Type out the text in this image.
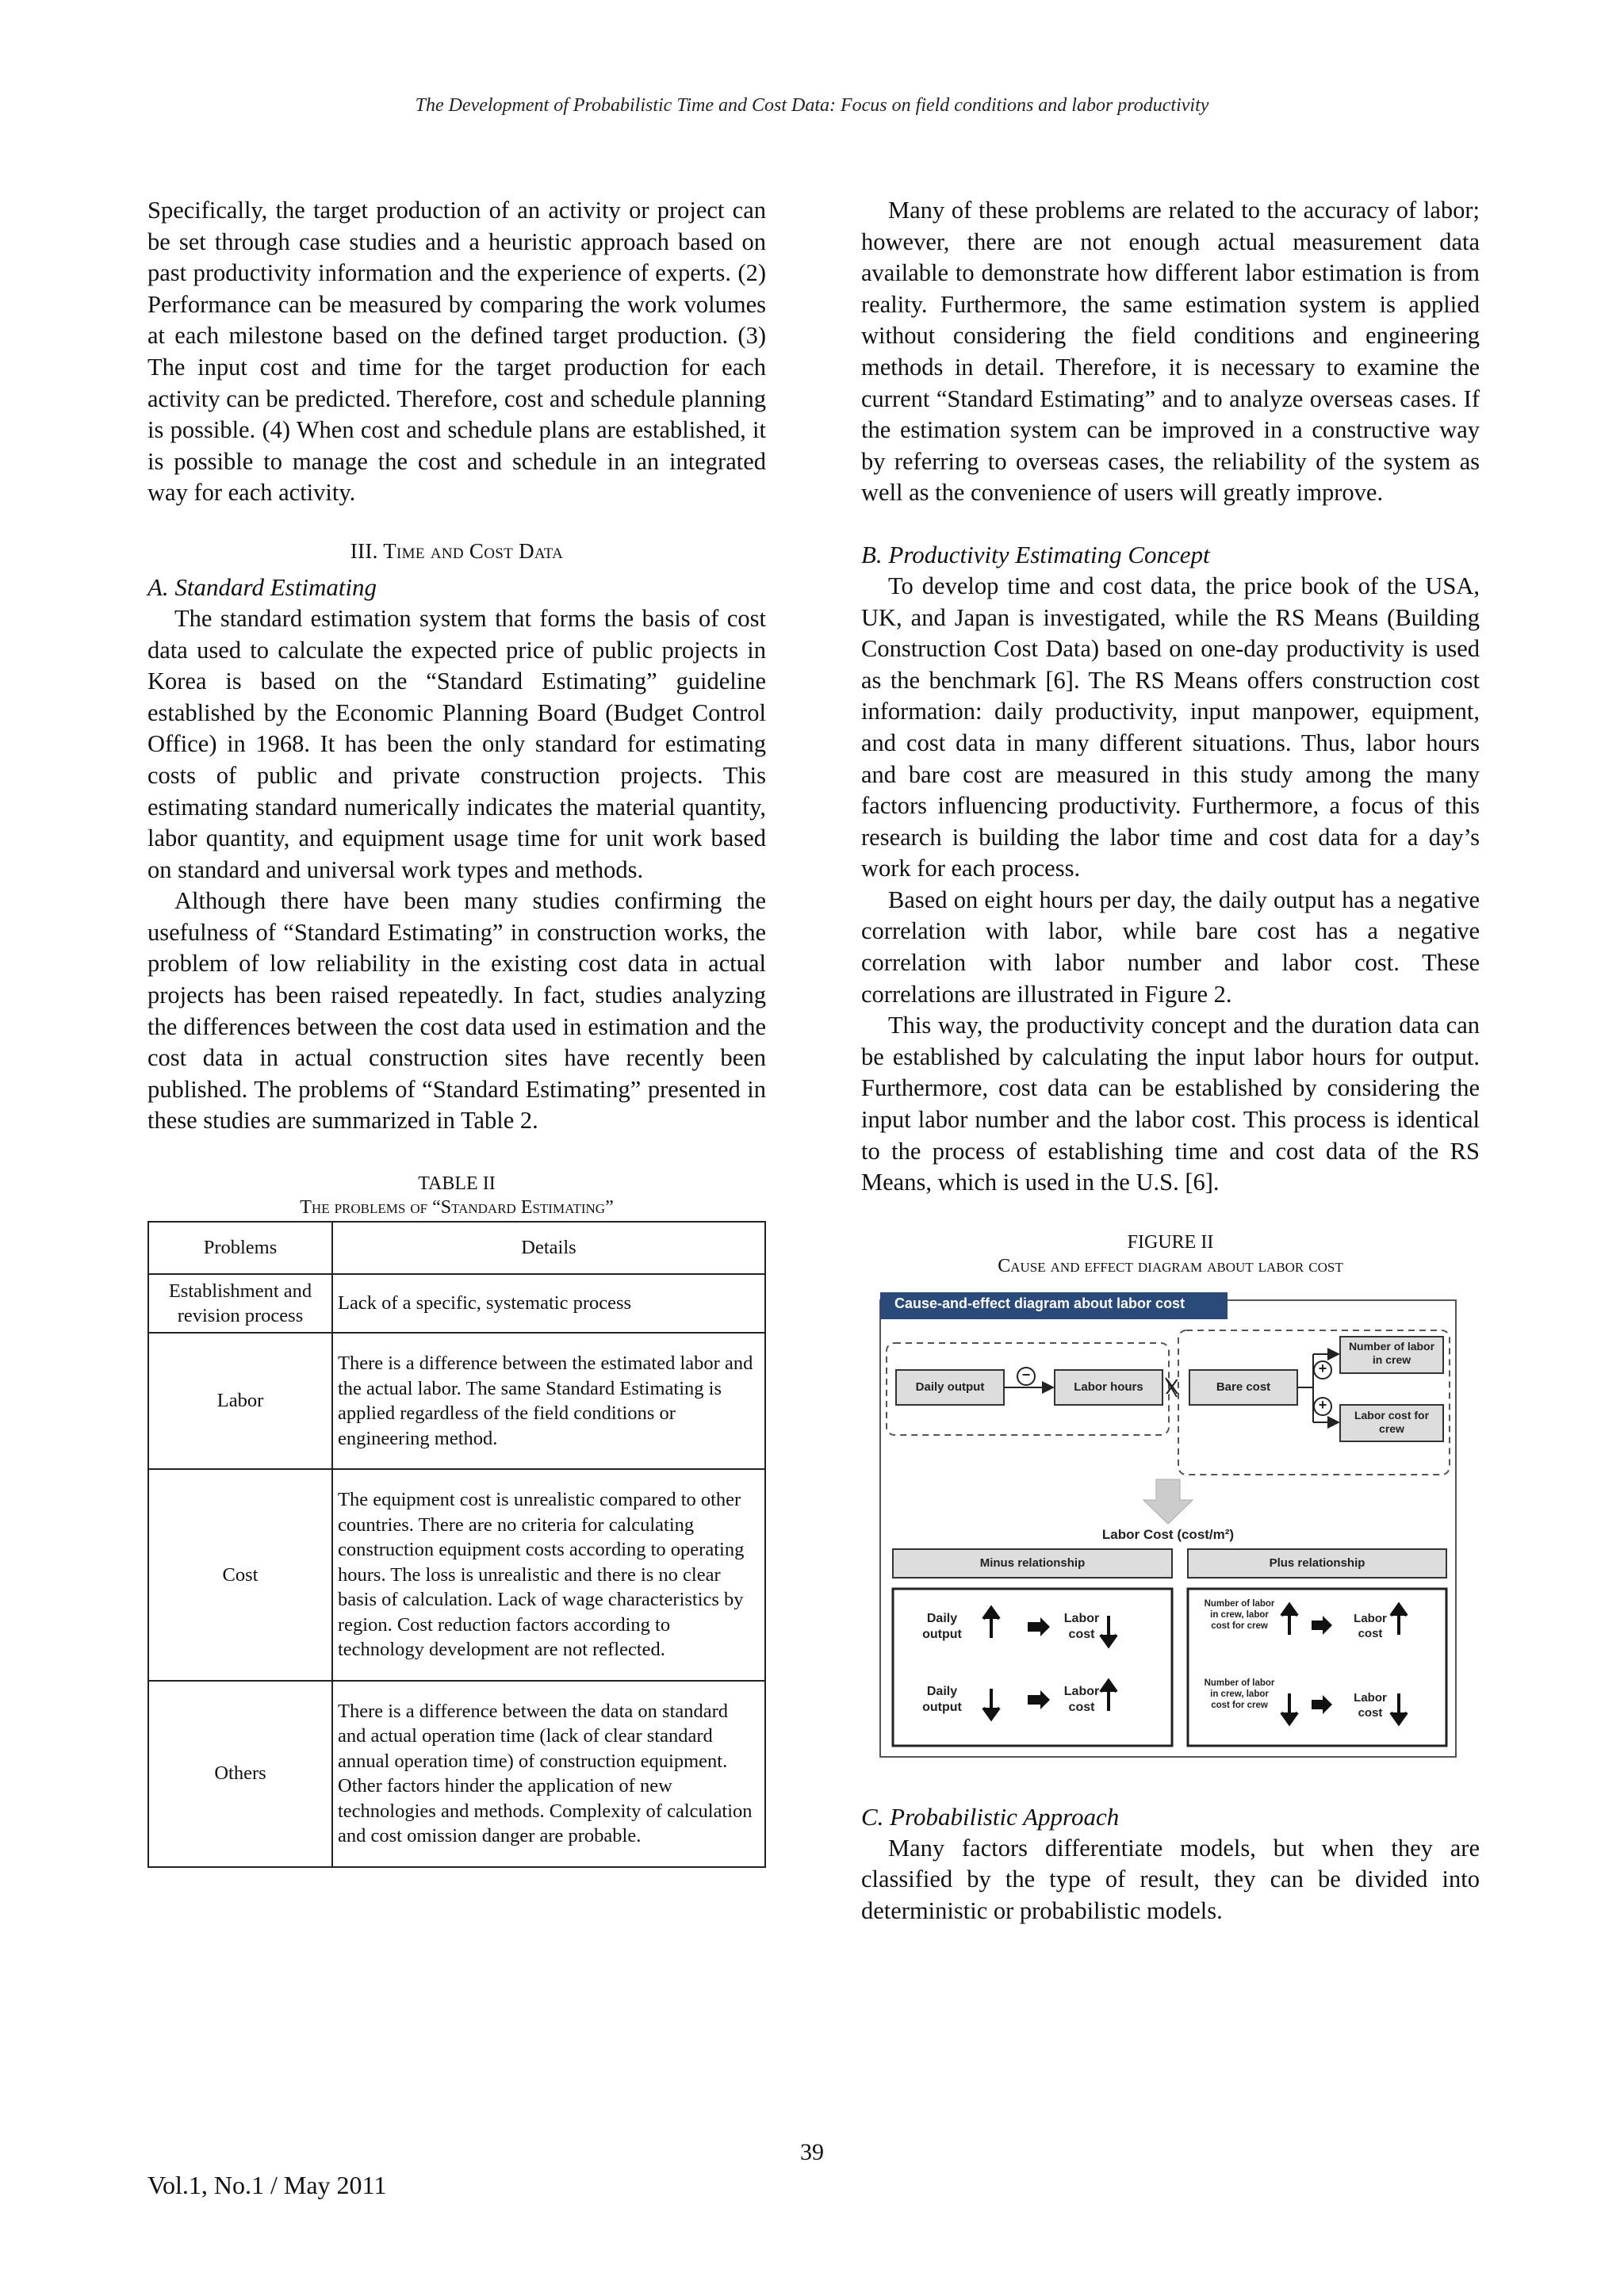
The Development of Probabilistic Time and Cost Data: Focus on field conditions and labor productivity

Specifically, the target production of an activity or project can be set through case studies and a heuristic approach based on past productivity information and the experience of experts. (2) Performance can be measured by comparing the work volumes at each milestone based on the defined target production. (3) The input cost and time for the target production for each activity can be predicted. Therefore, cost and schedule planning is possible. (4) When cost and schedule plans are established, it is possible to manage the cost and schedule in an integrated way for each activity.

III. Time and Cost Data

A. Standard Estimating

The standard estimation system that forms the basis of cost data used to calculate the expected price of public projects in Korea is based on the “Standard Estimating” guideline established by the Economic Planning Board (Budget Control Office) in 1968. It has been the only standard for estimating costs of public and private construction projects. This estimating standard numerically indicates the material quantity, labor quantity, and equipment usage time for unit work based on standard and universal work types and methods.

Although there have been many studies confirming the usefulness of “Standard Estimating” in construction works, the problem of low reliability in the existing cost data in actual projects has been raised repeatedly. In fact, studies analyzing the differences between the cost data used in estimation and the cost data in actual construction sites have recently been published. The problems of “Standard Estimating” presented in these studies are summarized in Table 2.

TABLE II
The problems of “Standard Estimating”
Problems	Details
Establishment and revision process	Lack of a specific, systematic process
Labor	There is a difference between the estimated labor and the actual labor. The same Standard Estimating is applied regardless of the field conditions or engineering method.
Cost	The equipment cost is unrealistic compared to other countries. There are no criteria for calculating construction equipment costs according to operating hours. The loss is unrealistic and there is no clear basis of calculation. Lack of wage characteristics by region. Cost reduction factors according to technology development are not reflected.
Others	There is a difference between the data on standard and actual operation time (lack of clear standard annual operation time) of construction equipment. Other factors hinder the application of new technologies and methods. Complexity of calculation and cost omission danger are probable.

Many of these problems are related to the accuracy of labor; however, there are not enough actual measurement data available to demonstrate how different labor estimation is from reality. Furthermore, the same estimation system is applied without considering the field conditions and engineering methods in detail. Therefore, it is necessary to examine the current “Standard Estimating” and to analyze overseas cases. If the estimation system can be improved in a constructive way by referring to overseas cases, the reliability of the system as well as the convenience of users will greatly improve.

B. Productivity Estimating Concept

To develop time and cost data, the price book of the USA, UK, and Japan is investigated, while the RS Means (Building Construction Cost Data) based on one-day productivity is used as the benchmark [6]. The RS Means offers construction cost information: daily productivity, input manpower, equipment, and cost data in many different situations. Thus, labor hours and bare cost are measured in this study among the many factors influencing productivity. Furthermore, a focus of this research is building the labor time and cost data for a day’s work for each process.

Based on eight hours per day, the daily output has a negative correlation with labor, while bare cost has a negative correlation with labor number and labor cost. These correlations are illustrated in Figure 2.

This way, the productivity concept and the duration data can be established by calculating the input labor hours for output. Furthermore, cost data can be established by considering the input labor number and the labor cost. This process is identical to the process of establishing time and cost data of the RS Means, which is used in the U.S. [6].

FIGURE II
Cause and effect diagram about labor cost
Cause-and-effect diagram about labor cost
Daily output
−
Labor hours	X	Bare cost
+
+
Number of labor in crew
Labor cost for crew
Labor Cost (cost/m²)
Minus relationship	Plus relationship
Daily output
Labor cost
Daily output
Labor cost
Number of labor in crew, labor cost for crew
Labor cost
Number of labor in crew, labor cost for crew
Labor cost

C. Probabilistic Approach

Many factors differentiate models, but when they are classified by the type of result, they can be divided into deterministic or probabilistic models.

39
Vol.1, No.1 / May 2011
